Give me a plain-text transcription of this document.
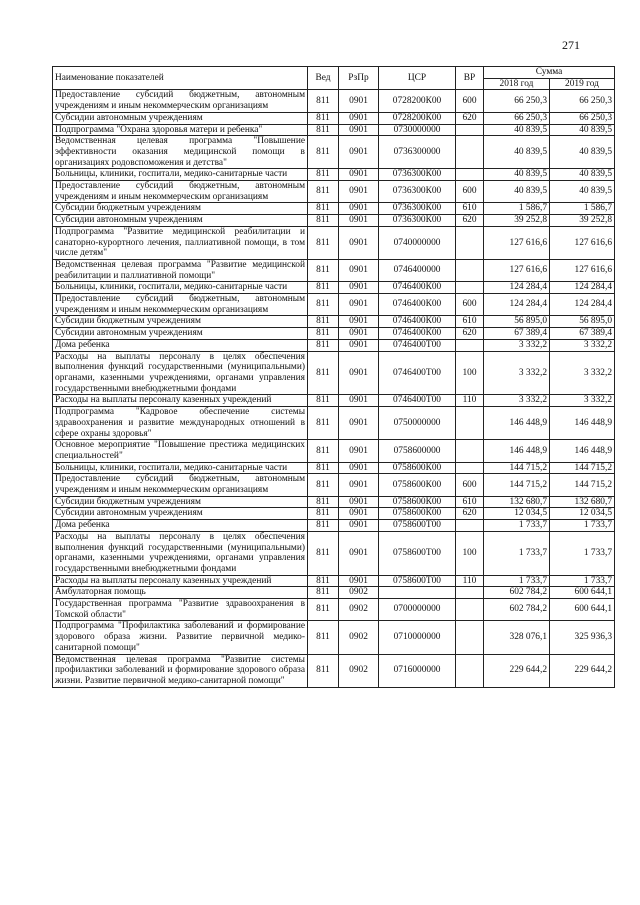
271
Наименование показателей	Вед	РзПр	ЦСР	ВР	Сумма	
					2018 год	2019 год
Предоставление субсидий бюджетным, автономным учреждениям и иным некоммерческим организациям	811	0901	0728200К00	600	66 250,3	66 250,3
Субсидии автономным учреждениям	811	0901	0728200К00	620	66 250,3	66 250,3
Подпрограмма "Охрана здоровья матери и ребенка"	811	0901	0730000000		40 839,5	40 839,5
Ведомственная целевая программа "Повышение эффективности оказания медицинской помощи в организациях родовспоможения и детства"	811	0901	0736300000		40 839,5	40 839,5
Больницы, клиники, госпитали, медико-санитарные части	811	0901	0736300К00		40 839,5	40 839,5
Предоставление субсидий бюджетным, автономным учреждениям и иным некоммерческим организациям	811	0901	0736300К00	600	40 839,5	40 839,5
Субсидии бюджетным учреждениям	811	0901	0736300К00	610	1 586,7	1 586,7
Субсидии автономным учреждениям	811	0901	0736300К00	620	39 252,8	39 252,8
Подпрограмма "Развитие медицинской реабилитации и санаторно-курортного лечения, паллиативной помощи, в том числе детям"	811	0901	0740000000		127 616,6	127 616,6
Ведомственная целевая программа "Развитие медицинской реабилитации и паллиативной помощи"	811	0901	0746400000		127 616,6	127 616,6
Больницы, клиники, госпитали, медико-санитарные части	811	0901	0746400К00		124 284,4	124 284,4
Предоставление субсидий бюджетным, автономным учреждениям и иным некоммерческим организациям	811	0901	0746400К00	600	124 284,4	124 284,4
Субсидии бюджетным учреждениям	811	0901	0746400К00	610	56 895,0	56 895,0
Субсидии автономным учреждениям	811	0901	0746400К00	620	67 389,4	67 389,4
Дома ребенка	811	0901	0746400Т00		3 332,2	3 332,2
Расходы на выплаты персоналу в целях обеспечения выполнения функций государственными (муниципальными) органами, казенными учреждениями, органами управления государственными внебюджетными фондами	811	0901	0746400Т00	100	3 332,2	3 332,2
Расходы на выплаты персоналу казенных учреждений	811	0901	0746400Т00	110	3 332,2	3 332,2
Подпрограмма "Кадровое обеспечение системы здравоохранения и развитие международных отношений в сфере охраны здоровья"	811	0901	0750000000		146 448,9	146 448,9
Основное мероприятие "Повышение престижа медицинских специальностей"	811	0901	0758600000		146 448,9	146 448,9
Больницы, клиники, госпитали, медико-санитарные части	811	0901	0758600К00		144 715,2	144 715,2
Предоставление субсидий бюджетным, автономным учреждениям и иным некоммерческим организациям	811	0901	0758600К00	600	144 715,2	144 715,2
Субсидии бюджетным учреждениям	811	0901	0758600К00	610	132 680,7	132 680,7
Субсидии автономным учреждениям	811	0901	0758600К00	620	12 034,5	12 034,5
Дома ребенка	811	0901	0758600Т00		1 733,7	1 733,7
Расходы на выплаты персоналу в целях обеспечения выполнения функций государственными (муниципальными) органами, казенными учреждениями, органами управления государственными внебюджетными фондами	811	0901	0758600Т00	100	1 733,7	1 733,7
Расходы на выплаты персоналу казенных учреждений	811	0901	0758600Т00	110	1 733,7	1 733,7
Амбулаторная помощь	811	0902			602 784,2	600 644,1
Государственная программа "Развитие здравоохранения в Томской области"	811	0902	0700000000		602 784,2	600 644,1
Подпрограмма "Профилактика заболеваний и формирование здорового образа жизни. Развитие первичной медико-санитарной помощи"	811	0902	0710000000		328 076,1	325 936,3
Ведомственная целевая программа "Развитие системы профилактики заболеваний и формирование здорового образа жизни. Развитие первичной медико-санитарной помощи"	811	0902	0716000000		229 644,2	229 644,2
